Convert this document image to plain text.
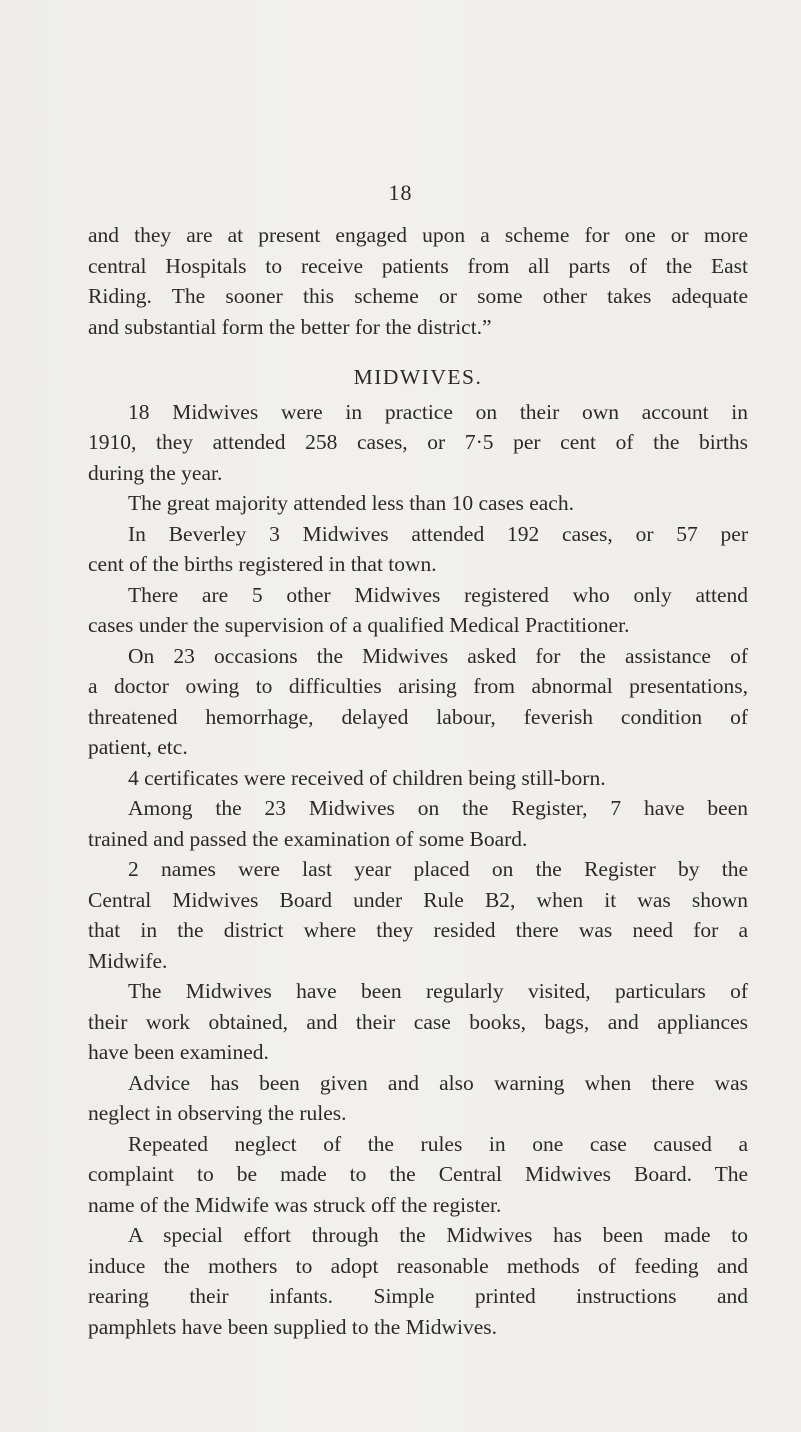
18
and they are at present engaged upon a scheme for one or more
central Hospitals to receive patients from all parts of the East
Riding. The sooner this scheme or some other takes adequate
and substantial form the better for the district.”
MIDWIVES.
18 Midwives were in practice on their own account in
1910, they attended 258 cases, or 7·5 per cent of the births
during the year.
The great majority attended less than 10 cases each.
In Beverley 3 Midwives attended 192 cases, or 57 per
cent of the births registered in that town.
There are 5 other Midwives registered who only attend
cases under the supervision of a qualified Medical Practitioner.
On 23 occasions the Midwives asked for the assistance of
a doctor owing to difficulties arising from abnormal presentations,
threatened hemorrhage, delayed labour, feverish condition of
patient, etc.
4 certificates were received of children being still-born.
Among the 23 Midwives on the Register, 7 have been
trained and passed the examination of some Board.
2 names were last year placed on the Register by the
Central Midwives Board under Rule B2, when it was shown
that in the district where they resided there was need for a
Midwife.
The Midwives have been regularly visited, particulars of
their work obtained, and their case books, bags, and appliances
have been examined.
Advice has been given and also warning when there was
neglect in observing the rules.
Repeated neglect of the rules in one case caused a
complaint to be made to the Central Midwives Board. The
name of the Midwife was struck off the register.
A special effort through the Midwives has been made to
induce the mothers to adopt reasonable methods of feeding and
rearing their infants. Simple printed instructions and
pamphlets have been supplied to the Midwives.
